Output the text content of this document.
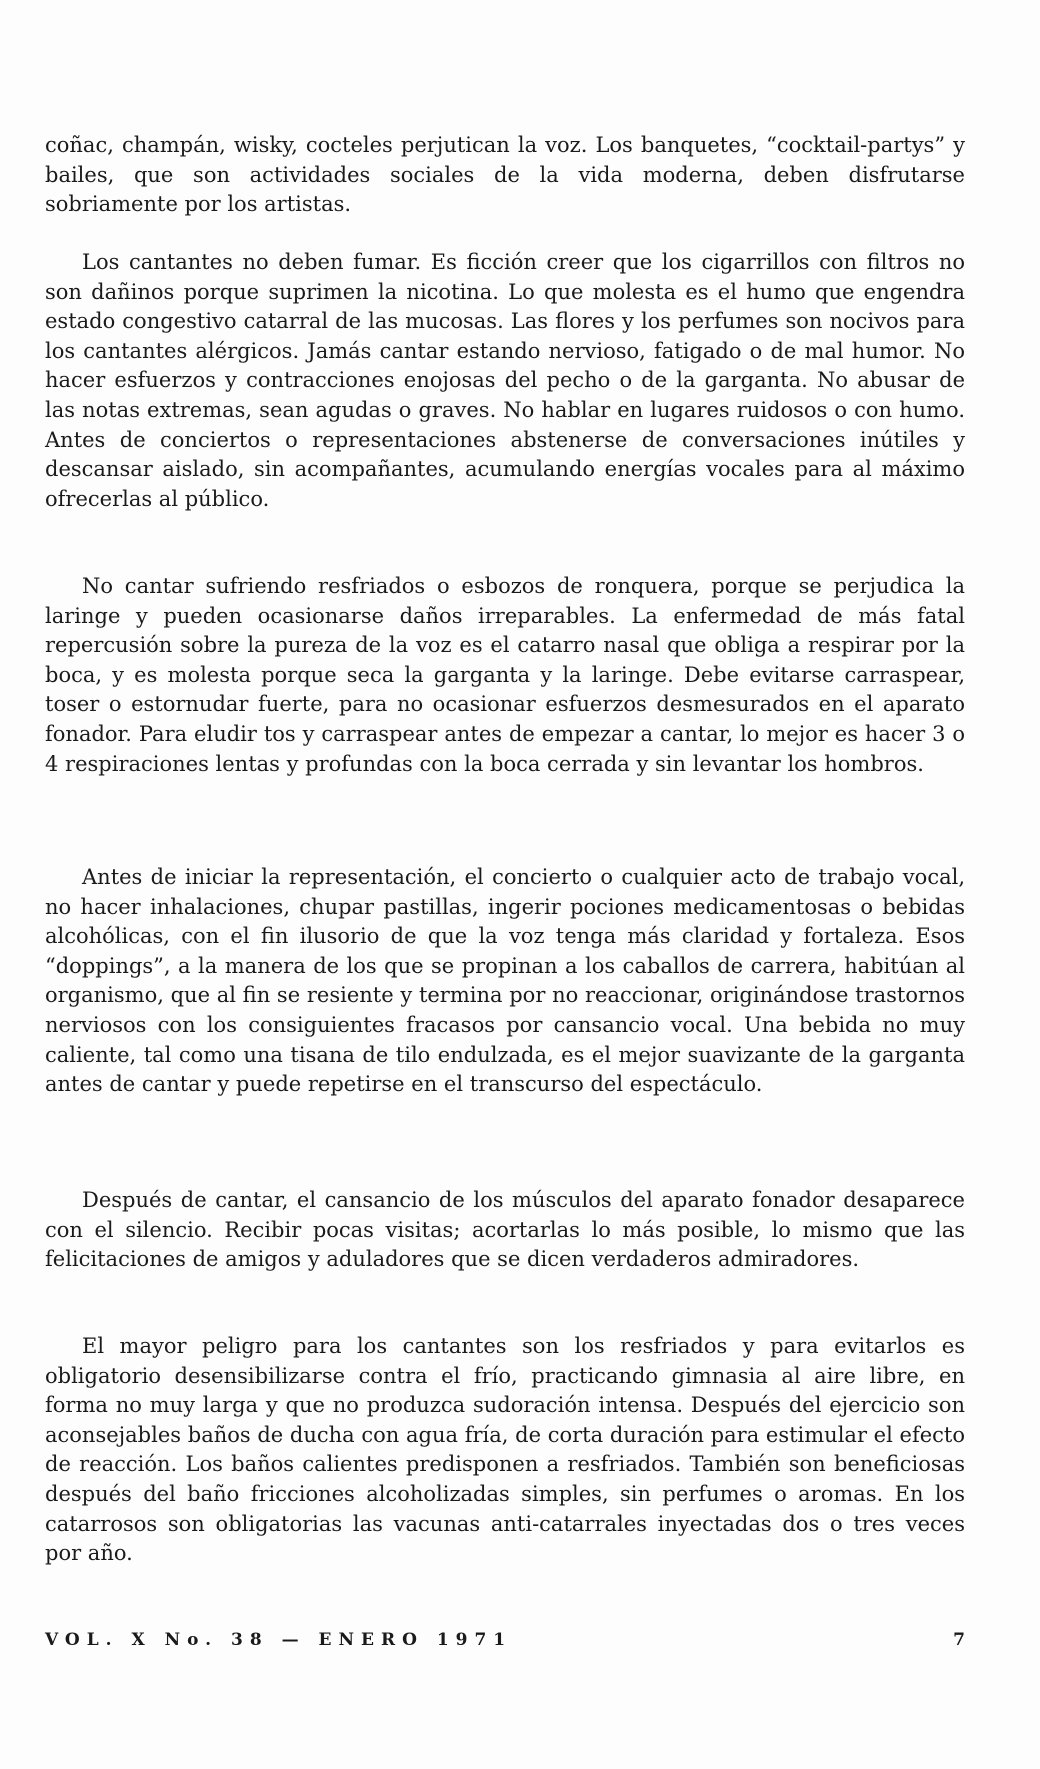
coñac, champán, wisky, cocteles perjutican la voz. Los banquetes, “cocktail-partys” y bailes, que son actividades sociales de la vida moderna, deben disfrutarse sobriamente por los artistas.

Los cantantes no deben fumar. Es ficción creer que los cigarrillos con filtros no son dañinos porque suprimen la nicotina. Lo que molesta es el humo que engendra estado congestivo catarral de las mucosas. Las flores y los perfumes son nocivos para los cantantes alérgicos. Jamás cantar estando nervioso, fatigado o de mal humor. No hacer esfuerzos y contracciones enojosas del pecho o de la garganta. No abusar de las notas extremas, sean agudas o graves. No hablar en lugares ruidosos o con humo. Antes de conciertos o representaciones abstenerse de conversaciones inútiles y descansar aislado, sin acompañantes, acumulando energías vocales para al máximo ofrecerlas al público.

No cantar sufriendo resfriados o esbozos de ronquera, porque se perjudica la laringe y pueden ocasionarse daños irreparables. La enfermedad de más fatal repercusión sobre la pureza de la voz es el catarro nasal que obliga a respirar por la boca, y es molesta porque seca la garganta y la laringe. Debe evitarse carraspear, toser o estornudar fuerte, para no ocasionar esfuerzos desmesurados en el aparato fonador. Para eludir tos y carraspear antes de empezar a cantar, lo mejor es hacer 3 o 4 respiraciones lentas y profundas con la boca cerrada y sin levantar los hombros.

Antes de iniciar la representación, el concierto o cualquier acto de trabajo vocal, no hacer inhalaciones, chupar pastillas, ingerir pociones medicamentosas o bebidas alcohólicas, con el fin ilusorio de que la voz tenga más claridad y fortaleza. Esos “doppings”, a la manera de los que se propinan a los caballos de carrera, habitúan al organismo, que al fin se resiente y termina por no reaccionar, originándose trastornos nerviosos con los consiguientes fracasos por cansancio vocal. Una bebida no muy caliente, tal como una tisana de tilo endulzada, es el mejor suavizante de la garganta antes de cantar y puede repetirse en el transcurso del espectáculo.

Después de cantar, el cansancio de los músculos del aparato fonador desaparece con el silencio. Recibir pocas visitas; acortarlas lo más posible, lo mismo que las felicitaciones de amigos y aduladores que se dicen verdaderos admiradores.

El mayor peligro para los cantantes son los resfriados y para evitarlos es obligatorio desensibilizarse contra el frío, practicando gimnasia al aire libre, en forma no muy larga y que no produzca sudoración intensa. Después del ejercicio son aconsejables baños de ducha con agua fría, de corta duración para estimular el efecto de reacción. Los baños calientes predisponen a resfriados. También son beneficiosas después del baño fricciones alcoholizadas simples, sin perfumes o aromas. En los catarrosos son obligatorias las vacunas anti-catarrales inyectadas dos o tres veces por año.

VOL. X No. 38 — ENERO 1971	7
